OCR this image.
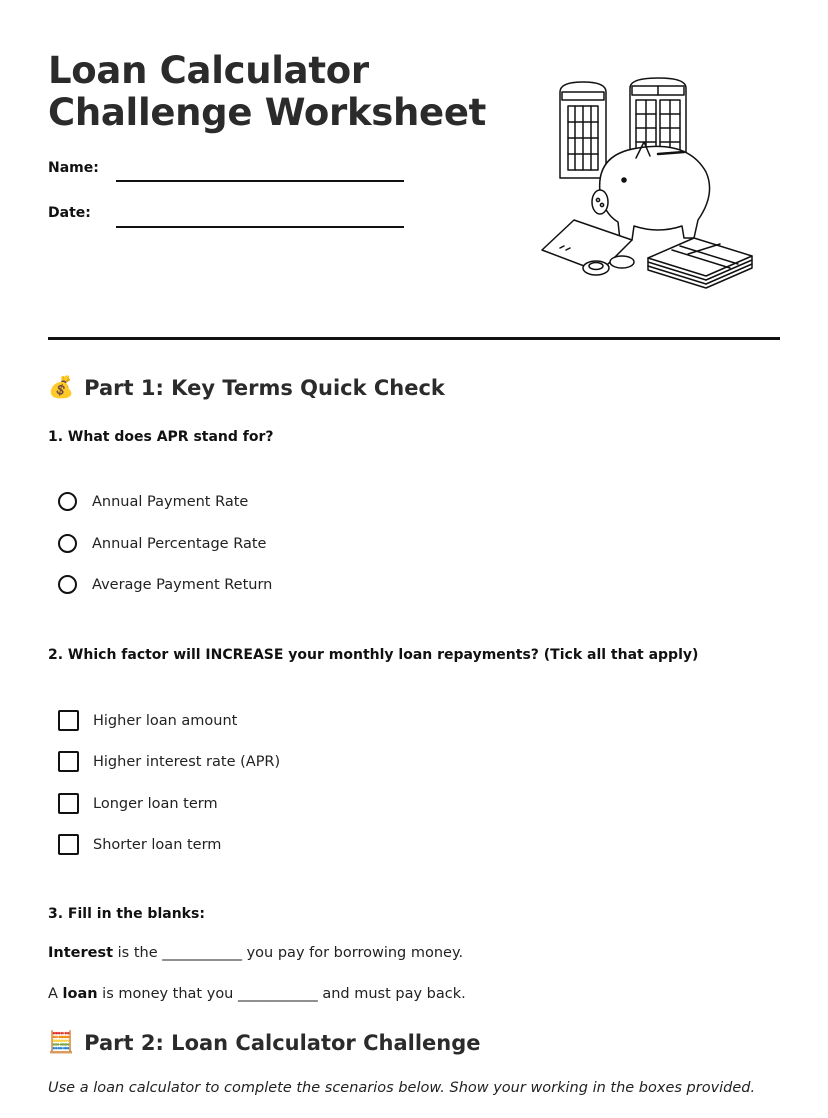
Loan Calculator
Challenge Worksheet
Name:
Date:
💰 Part 1: Key Terms Quick Check
1. What does APR stand for?
Annual Payment Rate
Annual Percentage Rate
Average Payment Return
2. Which factor will INCREASE your monthly loan repayments? (Tick all that apply)
Higher loan amount
Higher interest rate (APR)
Longer loan term
Shorter loan term
3. Fill in the blanks:
Interest is the ___________ you pay for borrowing money.
A loan is money that you ___________ and must pay back.
🧮 Part 2: Loan Calculator Challenge
Use a loan calculator to complete the scenarios below. Show your working in the boxes provided.
